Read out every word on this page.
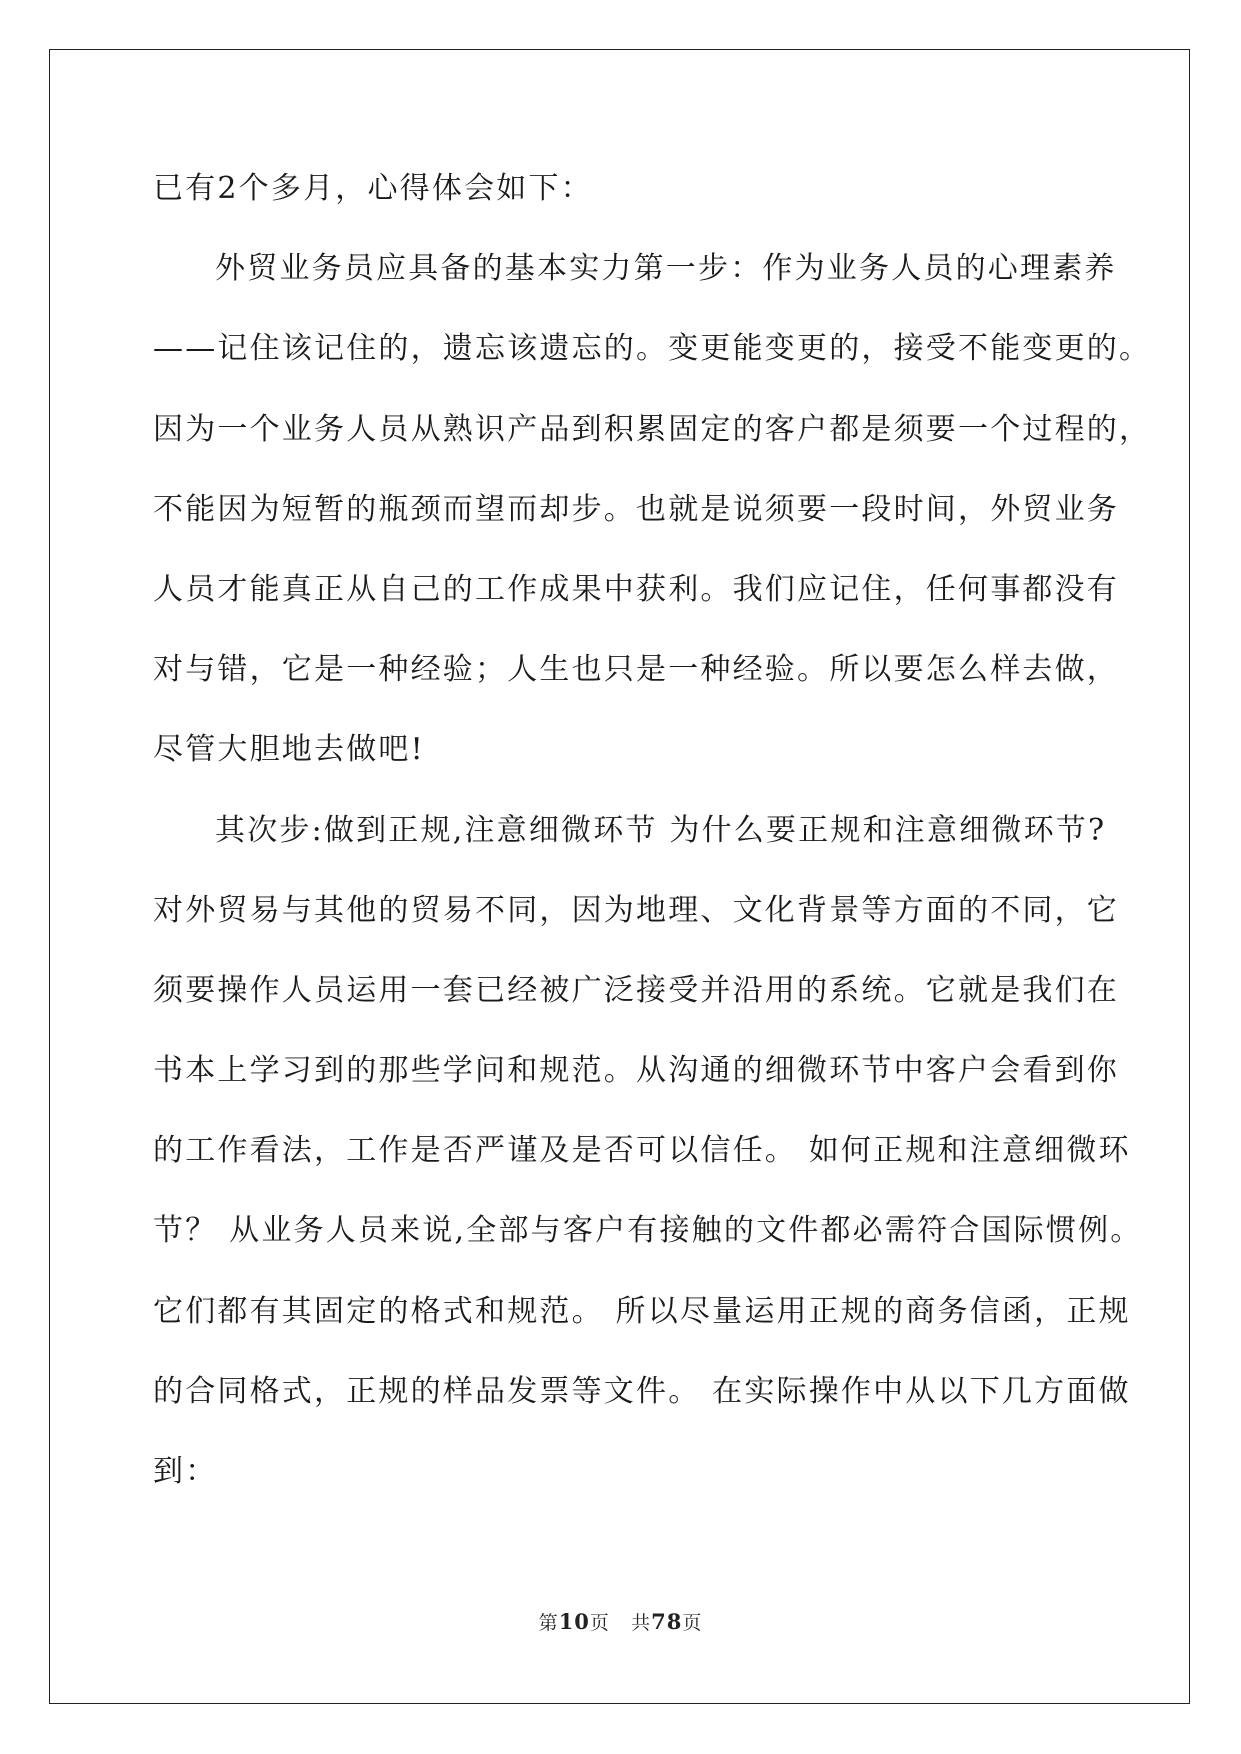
已有2个多月，心得体会如下：
外贸业务员应具备的基本实力第一步：作为业务人员的心理素养
——记住该记住的，遗忘该遗忘的。变更能变更的，接受不能变更的。
因为一个业务人员从熟识产品到积累固定的客户都是须要一个过程的，
不能因为短暂的瓶颈而望而却步。也就是说须要一段时间，外贸业务
人员才能真正从自己的工作成果中获利。我们应记住，任何事都没有
对与错，它是一种经验；人生也只是一种经验。所以要怎么样去做，
尽管大胆地去做吧!
其次步:做到正规,注意细微环节 为什么要正规和注意细微环节?
对外贸易与其他的贸易不同，因为地理、文化背景等方面的不同，它
须要操作人员运用一套已经被广泛接受并沿用的系统。它就是我们在
书本上学习到的那些学问和规范。从沟通的细微环节中客户会看到你
的工作看法，工作是否严谨及是否可以信任。 如何正规和注意细微环
节？ 从业务人员来说,全部与客户有接触的文件都必需符合国际惯例。
它们都有其固定的格式和规范。 所以尽量运用正规的商务信函，正规
的合同格式，正规的样品发票等文件。 在实际操作中从以下几方面做
到：
第10页 共78页
